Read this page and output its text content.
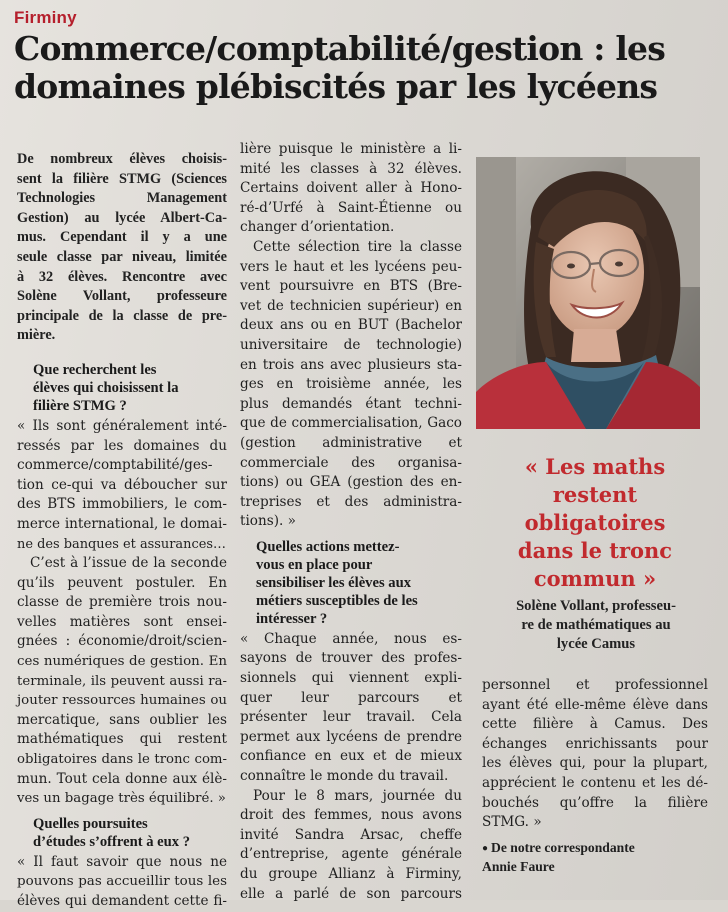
Firminy
Commerce/comptabilité/gestion : les
domaines plébiscités par les lycéens
De nombreux élèves choisis-
sent la filière STMG (Sciences
Technologies Management
Gestion) au lycée Albert-Ca-
mus. Cependant il y a une
seule classe par niveau, limitée
à 32 élèves. Rencontre avec
Solène Vollant, professeure
principale de la classe de pre-
mière.
Que recherchent les
élèves qui choisissent la
filière STMG ?
« Ils sont généralement inté-
ressés par les domaines du
commerce/comptabilité/ges-
tion ce-qui va déboucher sur
des BTS immobiliers, le com-
merce international, le domai-
ne des banques et assurances…
C’est à l’issue de la seconde
qu’ils peuvent postuler. En
classe de première trois nou-
velles matières sont ensei-
gnées : économie/droit/scien-
ces numériques de gestion. En
terminale, ils peuvent aussi ra-
jouter ressources humaines ou
mercatique, sans oublier les
mathématiques qui restent
obligatoires dans le tronc com-
mun. Tout cela donne aux élè-
ves un bagage très équilibré. »
Quelles poursuites
d’études s’offrent à eux ?
« Il faut savoir que nous ne
pouvons pas accueillir tous les
élèves qui demandent cette fi-
lière puisque le ministère a li-
mité les classes à 32 élèves.
Certains doivent aller à Hono-
ré-d’Urfé à Saint-Étienne ou
changer d’orientation.
Cette sélection tire la classe
vers le haut et les lycéens peu-
vent poursuivre en BTS (Bre-
vet de technicien supérieur) en
deux ans ou en BUT (Bachelor
universitaire de technologie)
en trois ans avec plusieurs sta-
ges en troisième année, les
plus demandés étant techni-
que de commercialisation, Gaco
(gestion administrative et
commerciale des organisa-
tions) ou GEA (gestion des en-
treprises et des administra-
tions). »
Quelles actions mettez-
vous en place pour
sensibiliser les élèves aux
métiers susceptibles de les
intéresser ?
« Chaque année, nous es-
sayons de trouver des profes-
sionnels qui viennent expli-
quer leur parcours et
présenter leur travail. Cela
permet aux lycéens de prendre
confiance en eux et de mieux
connaître le monde du travail.
Pour le 8 mars, journée du
droit des femmes, nous avons
invité Sandra Arsac, cheffe
d’entreprise, agente générale
du groupe Allianz à Firminy,
elle a parlé de son parcours
« Les maths
restent
obligatoires
dans le tronc
commun »
Solène Vollant, professeu-
re de mathématiques au
lycée Camus
personnel et professionnel
ayant été elle-même élève dans
cette filière à Camus. Des
échanges enrichissants pour
les élèves qui, pour la plupart,
apprécient le contenu et les dé-
bouchés qu’offre la filière
STMG. »
● De notre correspondante
Annie Faure
